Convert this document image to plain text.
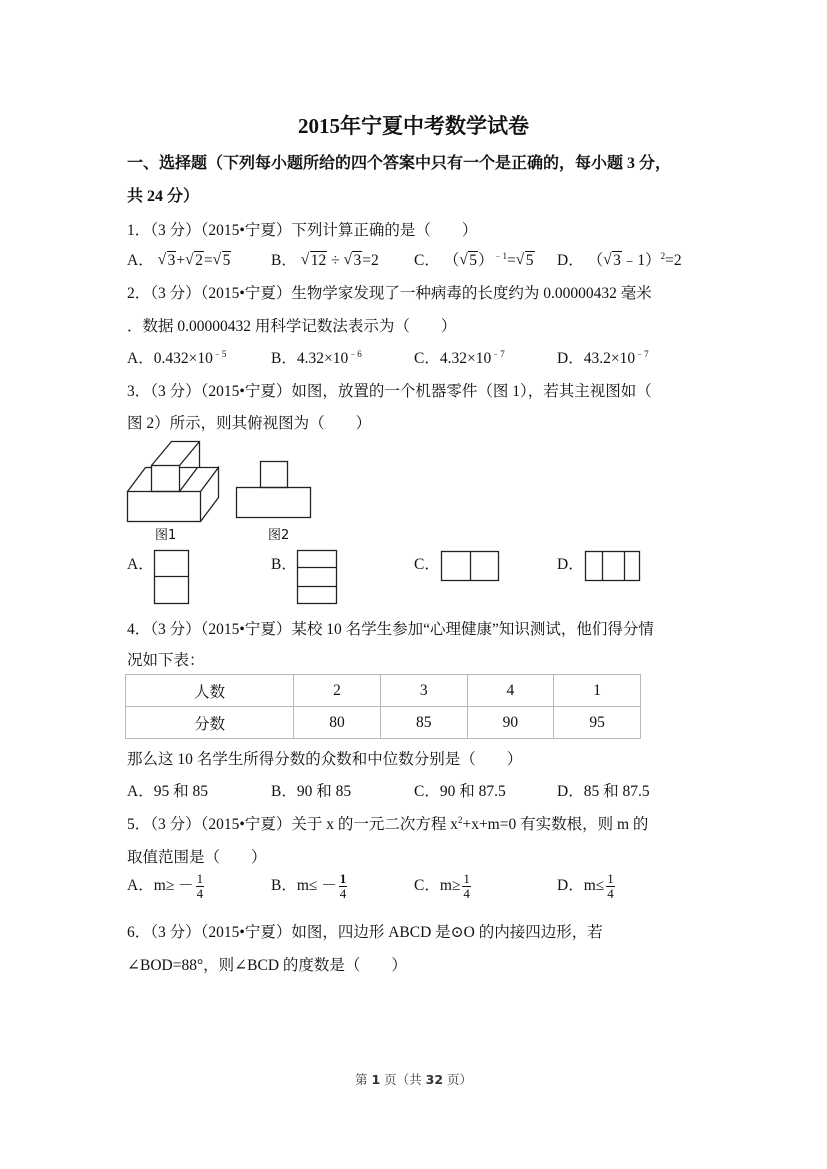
2015年宁夏中考数学试卷
一、选择题（下列每小题所给的四个答案中只有一个是正确的，每小题 3 分，
共 24 分）
1．（3 分）（2015•宁夏）下列计算正确的是（　　）
A． √ 3+ √ 2= √ 5	B． √ 12 ÷ √ 3=2 C． （ √ 5）$^{﹣1}$= √ 5 D． （ √ 3﹣1）$^2$=2
2．（3 分）（2015•宁夏）生物学家发现了一种病毒的长度约为 0.00000432 毫米
．数据 0.00000432 用科学记数法表示为（　　）
A．$0.432\times 10^{﹣5}$	B．$4.32\times 10^{﹣6}$	C．$4.32\times 10^{﹣7}$	D．$43.2\times 10^{﹣7}$
3．（3 分）（2015•宁夏）如图，放置的一个机器零件（图 1），若其主视图如（
图 2）所示，则其俯视图为（　　）
图1	图2
A．	B．	C．	D．
4．（3 分）（2015•宁夏）某校 10 名学生参加“心理健康”知识测试，他们得分情
况如下表：
人数	2	3	4	1
分数	80	85	90	95
那么这 10 名学生所得分数的众数和中位数分别是（　　）
A．95 和 85	B．90 和 85	C．90 和 87.5	D．85 和 87.5
5．（3 分）（2015•宁夏）关于 x 的一元二次方程 $x^2+x+m=0$ 有实数根，则 m 的
取值范围是（　　）
A．$m\ge - \frac{1}{4}$	B．$m\le - \frac{1}{4}$	C．$m\ge \frac{1}{4}$	D．$m\le \frac{1}{4}$
6．（3 分）（2015•宁夏）如图，四边形 ABCD 是⊙O 的内接四边形，若
∠BOD=88°，则∠BCD 的度数是（　　）
第 1 页（共 32 页）
